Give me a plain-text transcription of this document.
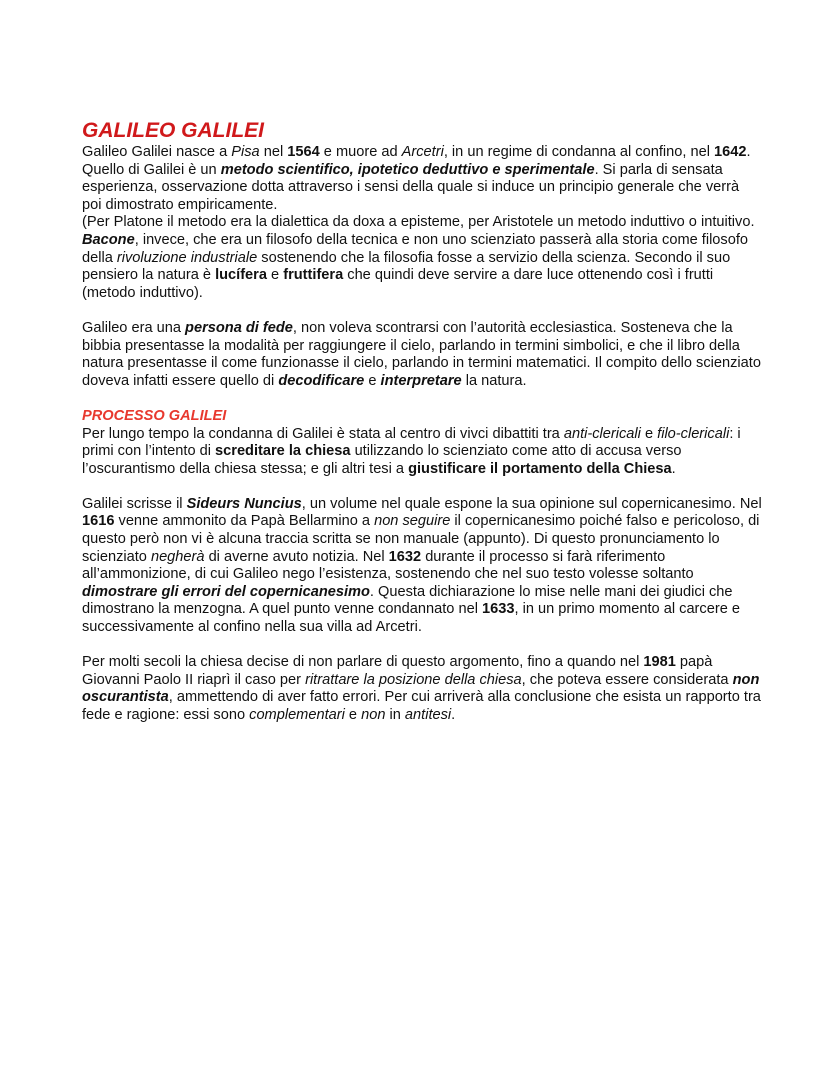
GALILEO GALILEI

Galileo Galilei nasce a Pisa nel 1564 e muore ad Arcetri, in un regime di condanna al confino, nel 1642. Quello di Galilei è un metodo scientifico, ipotetico deduttivo e sperimentale. Si parla di sensata esperienza, osservazione dotta attraverso i sensi della quale si induce un principio generale che verrà poi dimostrato empiricamente.

(Per Platone il metodo era la dialettica da doxa a episteme, per Aristotele un metodo induttivo o intuitivo.

Bacone, invece, che era un filosofo della tecnica e non uno scienziato passerà alla storia come filosofo della rivoluzione industriale sostenendo che la filosofia fosse a servizio della scienza. Secondo il suo pensiero la natura è lucífera e fruttifera che quindi deve servire a dare luce ottenendo così i frutti (metodo induttivo).

Galileo era una persona di fede, non voleva scontrarsi con l’autorità ecclesiastica. Sosteneva che la bibbia presentasse la modalità per raggiungere il cielo, parlando in termini simbolici, e che il libro della natura presentasse il come funzionasse il cielo, parlando in termini matematici. Il compito dello scienziato doveva infatti essere quello di decodificare e interpretare la natura.

PROCESSO GALILEI

Per lungo tempo la condanna di Galilei è stata al centro di vivci dibattiti tra anti-clericali e filo-clericali: i primi con l’intento di screditare la chiesa utilizzando lo scienziato come atto di accusa verso l’oscurantismo della chiesa stessa; e gli altri tesi a giustificare il portamento della Chiesa.

Galilei scrisse il Sideurs Nuncius, un volume nel quale espone la sua opinione sul copernicanesimo. Nel 1616 venne ammonito da Papà Bellarmino a non seguire il copernicanesimo poiché falso e pericoloso, di questo però non vi è alcuna traccia scritta se non manuale (appunto). Di questo pronunciamento lo scienziato negherà di averne avuto notizia. Nel 1632 durante il processo si farà riferimento all’ammonizione, di cui Galileo nego l’esistenza, sostenendo che nel suo testo volesse soltanto dimostrare gli errori del copernicanesimo. Questa dichiarazione lo mise nelle mani dei giudici che dimostrano la menzogna. A quel punto venne condannato nel 1633, in un primo momento al carcere e successivamente al confino nella sua villa ad Arcetri.

Per molti secoli la chiesa decise di non parlare di questo argomento, fino a quando nel 1981 papà Giovanni Paolo II riaprì il caso per ritrattare la posizione della chiesa, che poteva essere considerata non oscurantista, ammettendo di aver fatto errori. Per cui arriverà alla conclusione che esista un rapporto tra fede e ragione: essi sono complementari e non in antitesi.
